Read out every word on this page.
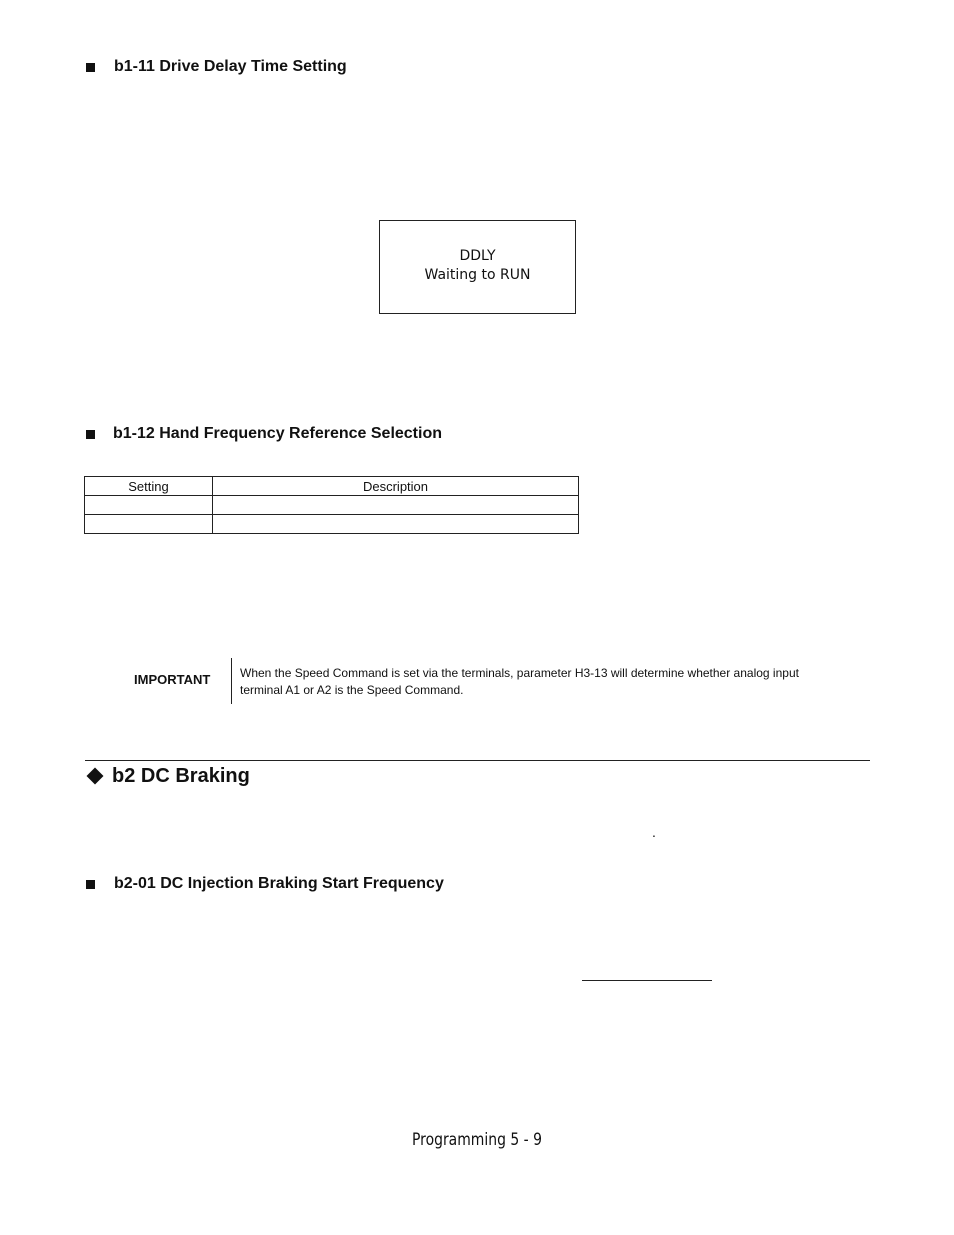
b1-11 Drive Delay Time Setting
DDLY
Waiting to RUN
b1-12 Hand Frequency Reference Selection
Setting	Description

IMPORTANT When the Speed Command is set via the terminals, parameter H3-13 will determine whether analog input terminal A1 or A2 is the Speed Command.
b2 DC Braking
.
b2-01 DC Injection Braking Start Frequency
Programming 5 - 9
